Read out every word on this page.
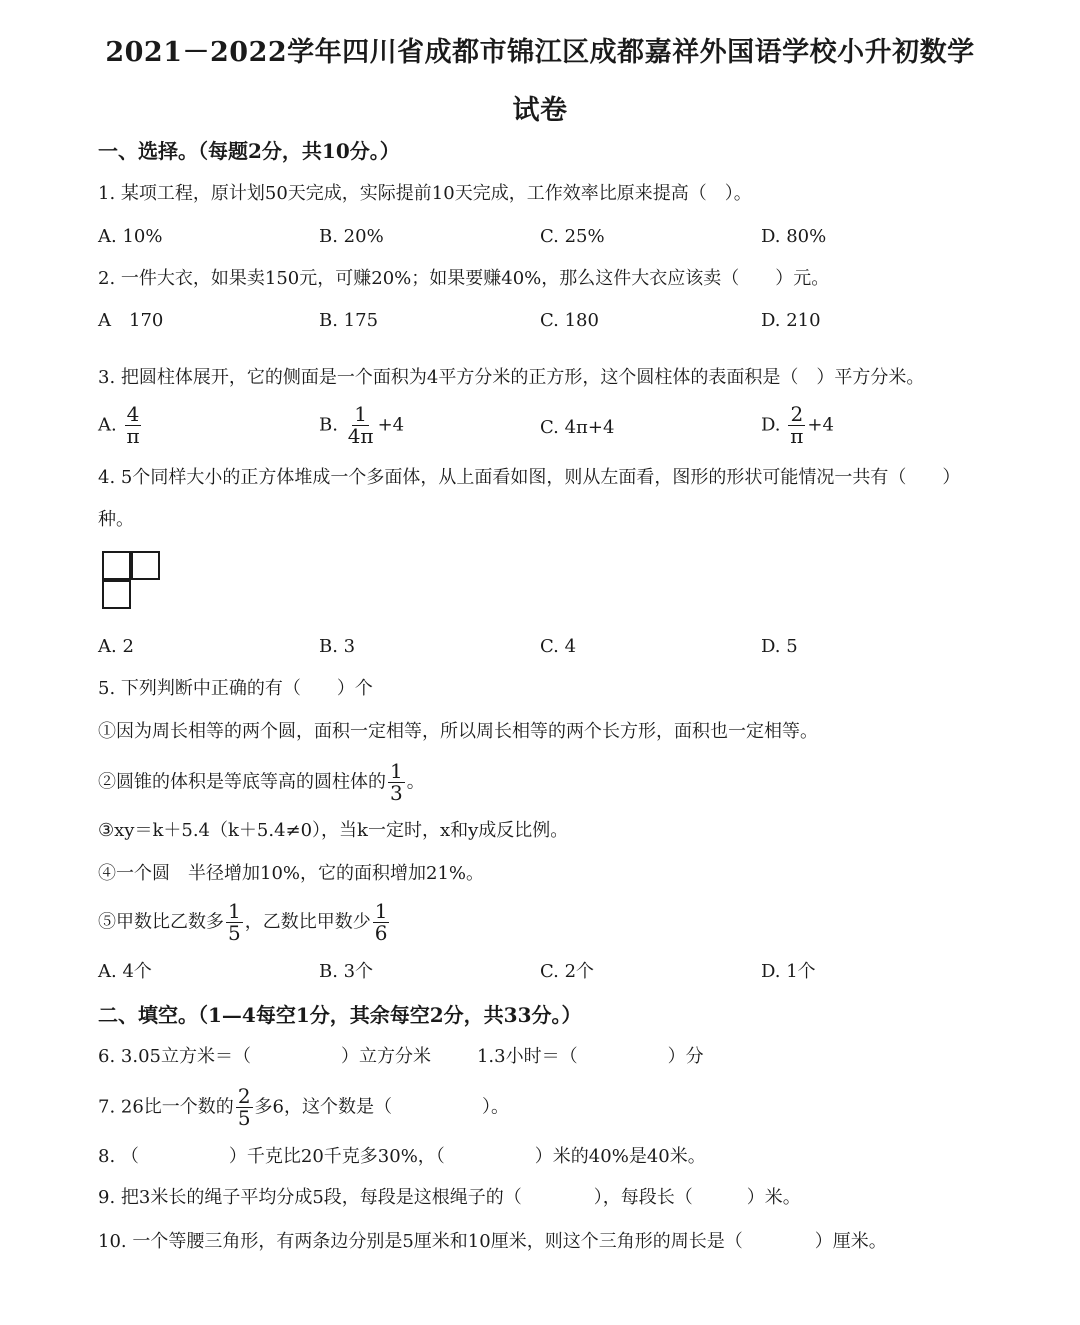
2021－2022学年四川省成都市锦江区成都嘉祥外国语学校小升初数学
试卷
一、选择。（每题2分，共10分。）
1. 某项工程，原计划50天完成，实际提前10天完成，工作效率比原来提高（　）。
A. 10%	B. 20%	C. 25%	D. 80%
2. 一件大衣，如果卖150元，可赚20%；如果要赚40%，那么这件大衣应该卖（　　）元。
A　170	B. 175	C. 180	D. 210
3. 把圆柱体展开，它的侧面是一个面积为4平方分米的正方形，这个圆柱体的表面积是（　）平方分米。
A. $\frac{4}{\pi}$	B. $\frac{1}{4\pi} +4$	C. 4π+4	D. $\frac{2}{\pi} +4$
4. 5个同样大小的正方体堆成一个多面体，从上面看如图，则从左面看，图形的形状可能情况一共有（　　）
种。
A. 2	B. 3	C. 4	D. 5
5. 下列判断中正确的有（　　）个
①因为周长相等的两个圆，面积一定相等，所以周长相等的两个长方形，面积也一定相等。
②圆锥的体积是等底等高的圆柱体的 $\frac{1}{3}$ 。
③xy＝k＋5.4（k＋5.4≠0），当k一定时，x和y成反比例。
④一个圆　半径增加10%，它的面积增加21%。
⑤甲数比乙数多 $\frac{1}{5}$ ，乙数比甲数少 $\frac{1}{6}$
A. 4个	B. 3个	C. 2个	D. 1个
二、填空。（1—4每空1分，其余每空2分，共33分。）
6. 3.05立方米＝（　　　　　）立方分米	1.3小时＝（　　　　　）分
7. 26比一个数的 $\frac{2}{5}$ 多6，这个数是（　　　　　）。
8. （　　　　　）千克比20千克多30%，（　　　　　）米的40%是40米。
9. 把3米长的绳子平均分成5段，每段是这根绳子的（　　　　），每段长（　　　）米。
10. 一个等腰三角形，有两条边分别是5厘米和10厘米，则这个三角形的周长是（　　　　）厘米。
